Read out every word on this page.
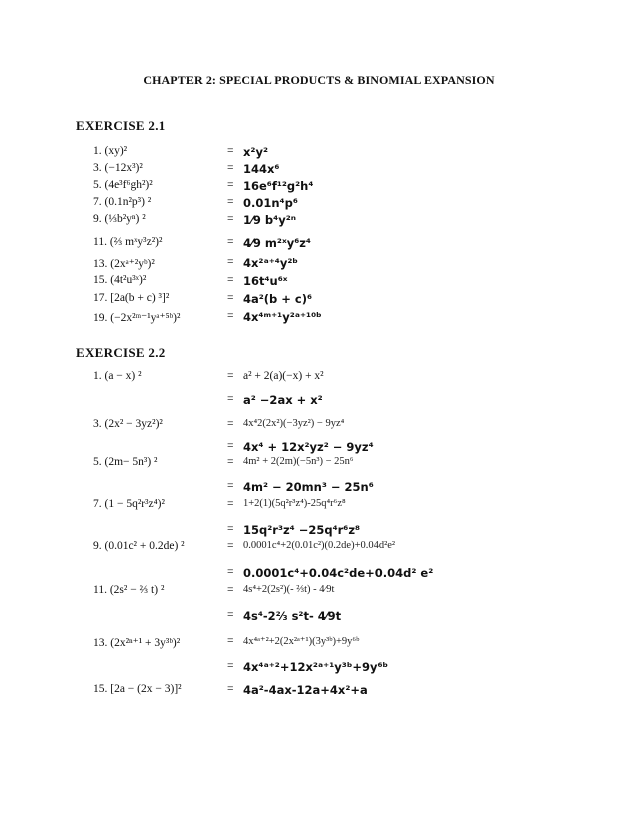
CHAPTER 2: SPECIAL PRODUCTS & BINOMIAL EXPANSION
EXERCISE 2.1
1. (xy)²	= x²y²
3. (−12x³)²	= 144x⁶
5. (4e³f⁶gh²)²	= 16e⁶f¹²g²h⁴
7. (0.1n²p³) ²	= 0.01n⁴p⁶
9. (⅓b²yⁿ) ²	= 1⁄9 b⁴y²ⁿ
11. (⅔ mˣy³z²)²	= 4⁄9 m²ˣy⁶z⁴
13. (2xᵃ⁺²yᵇ)²	= 4x²ᵃ⁺⁴y²ᵇ
15. (4t²u³ˣ)²	= 16t⁴u⁶ˣ
17. [2a(b + c) ³]²	= 4a²(b + c)⁶
19. (−2x²ᵐ⁻¹yᵃ⁺⁵ᵇ)²	= 4x⁴ᵐ⁺¹y²ᵃ⁺¹⁰ᵇ
EXERCISE 2.2
1. (a − x) ²	= a² + 2(a)(−x) + x²
= a² −2ax + x²
3. (2x² − 3yz²)²	= 4x⁴2(2x²)(−3yz²) − 9yz⁴
= 4x⁴ + 12x²yz² − 9yz⁴
5. (2m− 5n³) ²	= 4m² + 2(2m)(−5n³) − 25n⁶
= 4m² − 20mn³ − 25n⁶
7. (1 − 5q²r³z⁴)²	= 1+2(1)(5q²r³z⁴)-25q⁴r⁶z⁸
= 15q²r³z⁴ −25q⁴r⁶z⁸
9. (0.01c² + 0.2de) ²	= 0.0001c⁴+2(0.01c²)(0.2de)+0.04d²e²
= 0.0001c⁴+0.04c²de+0.04d² e²
11. (2s² − ⅔ t) ²	= 4s⁴+2(2s²)(- ⅔t) - 4⁄9t
= 4s⁴-2⅔ s²t- 4⁄9t
13. (2x²ⁿ⁺¹ + 3y³ᵇ)²	= 4x⁴ᵃ⁺²+2(2x²ᵃ⁺¹)(3y³ᵇ)+9y⁶ᵇ
= 4x⁴ᵃ⁺²+12x²ᵃ⁺¹y³ᵇ+9y⁶ᵇ
15. [2a − (2x − 3)]²	= 4a²-4ax-12a+4x²+a
